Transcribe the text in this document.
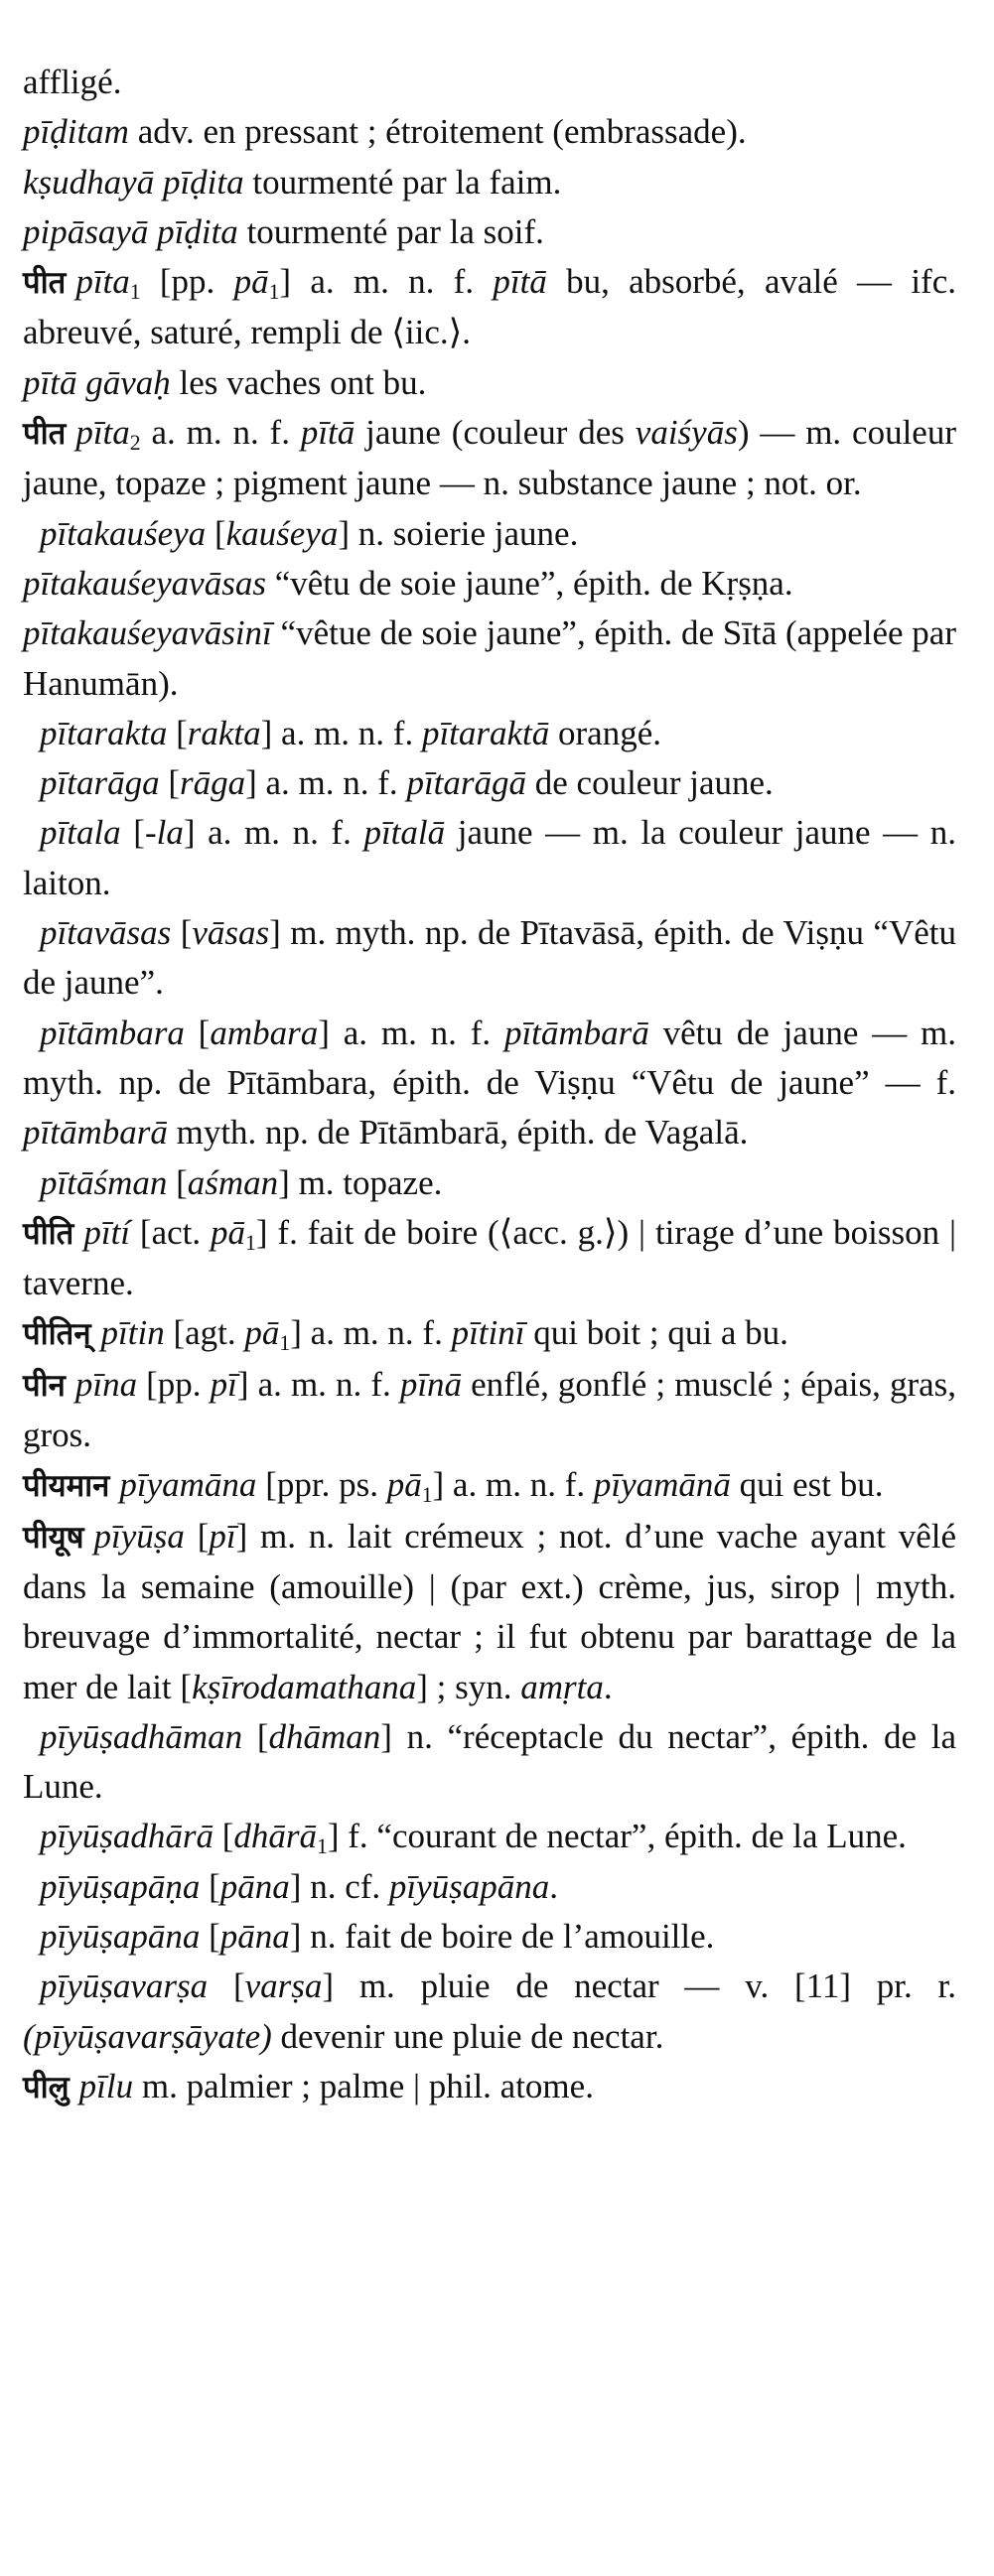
affligé.

pīḍitam adv. en pressant ; étroitement (embrassade).

kṣudhayā pīḍita tourmenté par la faim.

pipāsayā pīḍita tourmenté par la soif.

पीत pīta$_1$ [pp. $pā_1$] a. m. n. f. pītā bu, absorbé, avalé — ifc. abreuvé, saturé, rempli de ⟨iic.⟩.

pītā gāvaḥ les vaches ont bu.

पीत pīta$_2$ a. m. n. f. pītā jaune (couleur des vaiśyās) — m. couleur jaune, topaze ; pigment jaune — n. substance jaune ; not. or.

pītakauśeya [kauśeya] n. soierie jaune.

pītakauśeyavāsas “vêtu de soie jaune”, épith. de Kṛṣṇa.

pītakauśeyavāsinī “vêtue de soie jaune”, épith. de Sītā (appelée par Hanumān).

pītarakta [rakta] a. m. n. f. pītaraktā orangé.

pītarāga [rāga] a. m. n. f. pītarāgā de couleur jaune.

pītala [-la] a. m. n. f. pītalā jaune — m. la couleur jaune — n. laiton.

pītavāsas [vāsas] m. myth. np. de Pītavāsā, épith. de Viṣṇu “Vêtu de jaune”.

pītāmbara [ambara] a. m. n. f. pītāmbarā vêtu de jaune — m. myth. np. de Pītāmbara, épith. de Viṣṇu “Vêtu de jaune” — f. pītāmbarā myth. np. de Pītāmbarā, épith. de Vagalā.

pītāśman [aśman] m. topaze.

पीति pītí [act. $pā_1$] f. fait de boire (⟨acc. g.⟩) | tirage d’une boisson | taverne.

पीतिन् pītin [agt. $pā_1$] a. m. n. f. pītinī qui boit ; qui a bu.

पीन pīna [pp. pī] a. m. n. f. pīnā enflé, gonflé ; musclé ; épais, gras, gros.

पीयमान pīyamāna [ppr. ps. $pā_1$] a. m. n. f. pīyamānā qui est bu.

पीयूष pīyūṣa [pī] m. n. lait crémeux ; not. d’une vache ayant vêlé dans la semaine (amouille) | (par ext.) crème, jus, sirop | myth. breuvage d’immortalité, nectar ; il fut obtenu par barattage de la mer de lait [kṣīrodamathana] ; syn. amṛta.

pīyūṣadhāman [dhāman] n. “réceptacle du nectar”, épith. de la Lune.

pīyūṣadhārā [dhārā$_1$] f. “courant de nectar”, épith. de la Lune.

pīyūṣapāṇa [pāna] n. cf. pīyūṣapāna.

pīyūṣapāna [pāna] n. fait de boire de l’amouille.

pīyūṣavarṣa [varṣa] m. pluie de nectar — v. [11] pr. r. (pīyūṣavarṣāyate) devenir une pluie de nectar.

पीलु pīlu m. palmier ; palme | phil. atome.
